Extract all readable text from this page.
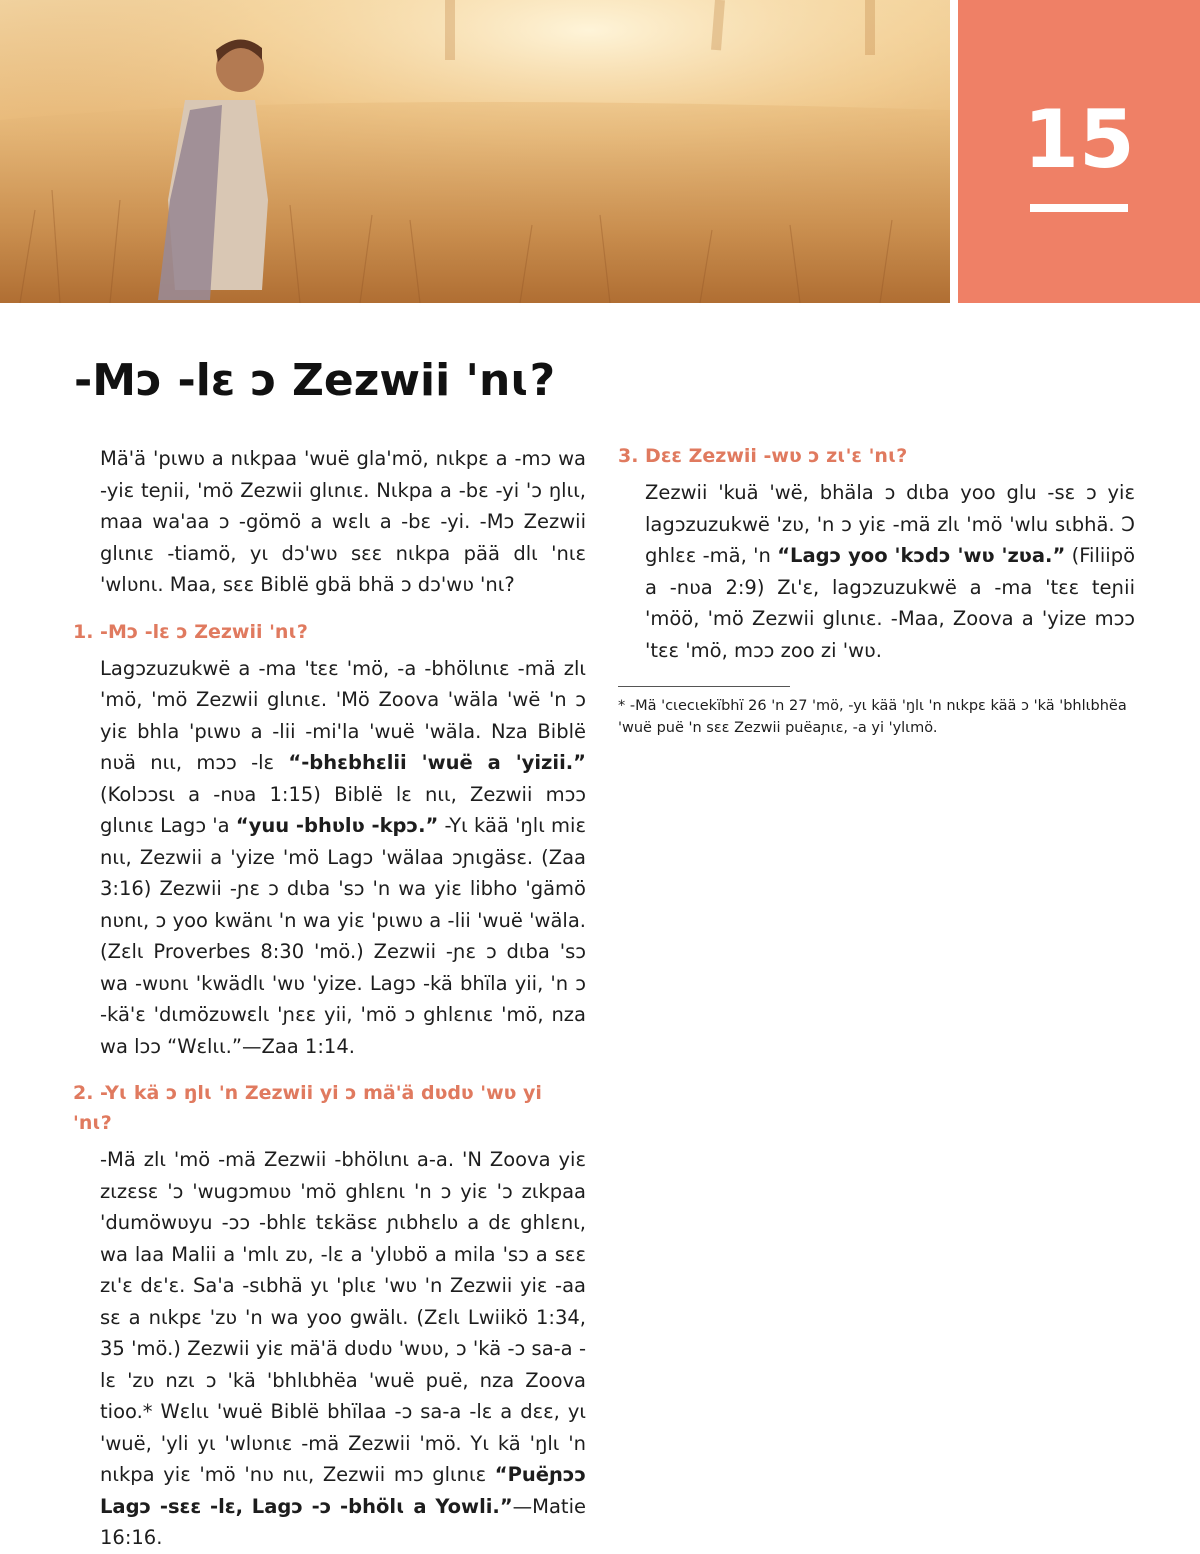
15
-Mɔ -lɛ ɔ Zezwii 'nɩ?

Mä'ä 'pɩwʋ a nɩkpaa 'wuë gla'mö, nɩkpɛ a -mɔ wa -yiɛ teɲii, 'mö Zezwii glɩnɩɛ. Nɩkpa a -bɛ -yi 'ɔ ŋlɩɩ, maa wa'aa ɔ -gömö a wɛlɩ a -bɛ -yi. -Mɔ Zezwii glɩnɩɛ -tiamö, yɩ dɔ'wʋ sɛɛ nɩkpa pää dlɩ 'nɩɛ 'wlʋnɩ. Maa, sɛɛ Biblë gbä bhä ɔ dɔ'wʋ 'nɩ?

1. -Mɔ -lɛ ɔ Zezwii 'nɩ?

Lagɔzuzukwë a -ma 'tɛɛ 'mö, -a -bhölɩnɩɛ -mä zlɩ 'mö, 'mö Zezwii glɩnɩɛ. 'Mö Zoova 'wäla 'wë 'n ɔ yiɛ bhla 'pɩwʋ a -lii -mi'la 'wuë 'wäla. Nza Biblë nʋä nɩɩ, mɔɔ -lɛ “-bhɛbhɛlii 'wuë a 'yizii.” (Kolɔɔsɩ a -nʋa 1:15) Biblë lɛ nɩɩ, Zezwii mɔɔ glɩnɩɛ Lagɔ 'a “yuu -bhʋlʋ -kpɔ.” -Yɩ kää 'ŋlɩ miɛ nɩɩ, Zezwii a 'yize 'mö Lagɔ 'wälaa ɔɲɩgäsɛ. (Zaa 3:16) Zezwii -ɲɛ ɔ dɩba 'sɔ 'n wa yiɛ libho 'gämö nʋnɩ, ɔ yoo kwänɩ 'n wa yiɛ 'pɩwʋ a -lii 'wuë 'wäla. (Zɛlɩ Proverbes 8:30 'mö.) Zezwii -ɲɛ ɔ dɩba 'sɔ wa -wʋnɩ 'kwädlɩ 'wʋ 'yize. Lagɔ -kä bhïla yii, 'n ɔ -kä'ɛ 'dɩmözʋwɛlɩ 'ɲɛɛ yii, 'mö ɔ ghlɛnɩɛ 'mö, nza wa lɔɔ “Wɛlɩɩ.”—Zaa 1:14.

2. -Yɩ kä ɔ ŋlɩ 'n Zezwii yi ɔ mä'ä dʋdʋ 'wʋ yi 'nɩ?

-Mä zlɩ 'mö -mä Zezwii -bhölɩnɩ a-a. 'N Zoova yiɛ zɩzɛsɛ 'ɔ 'wugɔmʋʋ 'mö ghlɛnɩ 'n ɔ yiɛ 'ɔ zɩkpaa 'dumöwʋyu -ɔɔ -bhlɛ tɛkäsɛ ɲɩbhɛlʋ a dɛ ghlɛnɩ, wa laa Malii a 'mlɩ zʋ, -lɛ a 'ylʋbö a mila 'sɔ a sɛɛ zɩ'ɛ dɛ'ɛ. Sa'a -sɩbhä yɩ 'plɩɛ 'wʋ 'n Zezwii yiɛ -aa sɛ a nɩkpɛ 'zʋ 'n wa yoo gwälɩ. (Zɛlɩ Lwiikö 1:34, 35 'mö.) Zezwii yiɛ mä'ä dʋdʋ 'wʋʋ, ɔ 'kä -ɔ sa-a -lɛ 'zʋ nzɩ ɔ 'kä 'bhlɩbhëa 'wuë puë, nza Zoova tioo.* Wɛlɩɩ 'wuë Biblë bhïlaa -ɔ sa-a -lɛ a dɛɛ, yɩ 'wuë, 'yli yɩ 'wlʋnɩɛ -mä Zezwii 'mö. Yɩ kä 'ŋlɩ 'n nɩkpa yiɛ 'mö 'nʋ nɩɩ, Zezwii mɔ glɩnɩɛ “Puëɲɔɔ Lagɔ -sɛɛ -lɛ, Lagɔ -ɔ -bhölɩ a Yowli.”—Matie 16:16.

3. Dɛɛ Zezwii -wʋ ɔ zɩ'ɛ 'nɩ?

Zezwii 'kuä 'wë, bhäla ɔ dɩba yoo glu -sɛ ɔ yiɛ lagɔzuzukwë 'zʋ, 'n ɔ yiɛ -mä zlɩ 'mö 'wlu sɩbhä. Ɔ ghlɛɛ -mä, 'n “Lagɔ yoo 'kɔdɔ 'wʋ 'zʋa.” (Filiipö a -nʋa 2:9) Zɩ'ɛ, lagɔzuzukwë a -ma 'tɛɛ teɲii 'möö, 'mö Zezwii glɩnɩɛ. -Maa, Zoova a 'yize mɔɔ 'tɛɛ 'mö, mɔɔ zoo zi 'wʋ.

* -Mä 'cɩecɩekïbhï 26 'n 27 'mö, -yɩ kää 'ŋlɩ 'n nɩkpɛ kää ɔ 'kä 'bhlɩbhëa 'wuë puë 'n sɛɛ Zezwii puëaɲɩɛ, -a yi 'ylɩmö.
